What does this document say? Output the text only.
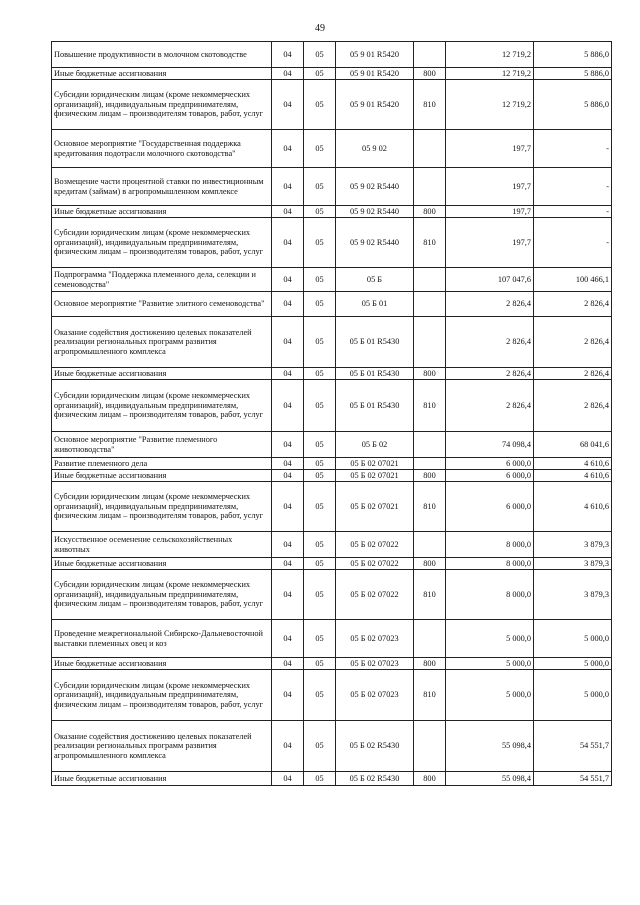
49
Повышение продуктивности в молочном скотоводстве	04	05	05 9 01 R5420		12 719,2	5 886,0
Иные бюджетные ассигнования	04	05	05 9 01 R5420	800	12 719,2	5 886,0
Субсидии юридическим лицам (кроме некоммерческих организаций), индивидуальным предпринимателям, физическим лицам – производителям товаров, работ, услуг	04	05	05 9 01 R5420	810	12 719,2	5 886,0
Основное мероприятие "Государственная поддержка кредитования подотрасли молочного скотоводства"	04	05	05 9 02		197,7	-
Возмещение части процентной ставки по инвестиционным кредитам (займам) в агропромышленном комплексе	04	05	05 9 02 R5440		197,7	-
Иные бюджетные ассигнования	04	05	05 9 02 R5440	800	197,7	-
Субсидии юридическим лицам (кроме некоммерческих организаций), индивидуальным предпринимателям, физическим лицам – производителям товаров, работ, услуг	04	05	05 9 02 R5440	810	197,7	-
Подпрограмма "Поддержка племенного дела, селекции и семеноводства"	04	05	05 Б		107 047,6	100 466,1
Основное мероприятие "Развитие элитного семеноводства"	04	05	05 Б 01		2 826,4	2 826,4
Оказание содействия достижению целевых показателей реализации региональных программ развития агропромышленного комплекса	04	05	05 Б 01 R5430		2 826,4	2 826,4
Иные бюджетные ассигнования	04	05	05 Б 01 R5430	800	2 826,4	2 826,4
Субсидии юридическим лицам (кроме некоммерческих организаций), индивидуальным предпринимателям, физическим лицам – производителям товаров, работ, услуг	04	05	05 Б 01 R5430	810	2 826,4	2 826,4
Основное мероприятие "Развитие племенного животноводства"	04	05	05 Б 02		74 098,4	68 041,6
Развитие племенного дела	04	05	05 Б 02 07021		6 000,0	4 610,6
Иные бюджетные ассигнования	04	05	05 Б 02 07021	800	6 000,0	4 610,6
Субсидии юридическим лицам (кроме некоммерческих организаций), индивидуальным предпринимателям, физическим лицам – производителям товаров, работ, услуг	04	05	05 Б 02 07021	810	6 000,0	4 610,6
Искусственное осеменение сельскохозяйственных животных	04	05	05 Б 02 07022		8 000,0	3 879,3
Иные бюджетные ассигнования	04	05	05 Б 02 07022	800	8 000,0	3 879,3
Субсидии юридическим лицам (кроме некоммерческих организаций), индивидуальным предпринимателям, физическим лицам – производителям товаров, работ, услуг	04	05	05 Б 02 07022	810	8 000,0	3 879,3
Проведение межрегиональной Сибирско-Дальневосточной выставки племенных овец и коз	04	05	05 Б 02 07023		5 000,0	5 000,0
Иные бюджетные ассигнования	04	05	05 Б 02 07023	800	5 000,0	5 000,0
Субсидии юридическим лицам (кроме некоммерческих организаций), индивидуальным предпринимателям, физическим лицам – производителям товаров, работ, услуг	04	05	05 Б 02 07023	810	5 000,0	5 000,0
Оказание содействия достижению целевых показателей реализации региональных программ развития агропромышленного комплекса	04	05	05 Б 02 R5430		55 098,4	54 551,7
Иные бюджетные ассигнования	04	05	05 Б 02 R5430	800	55 098,4	54 551,7
